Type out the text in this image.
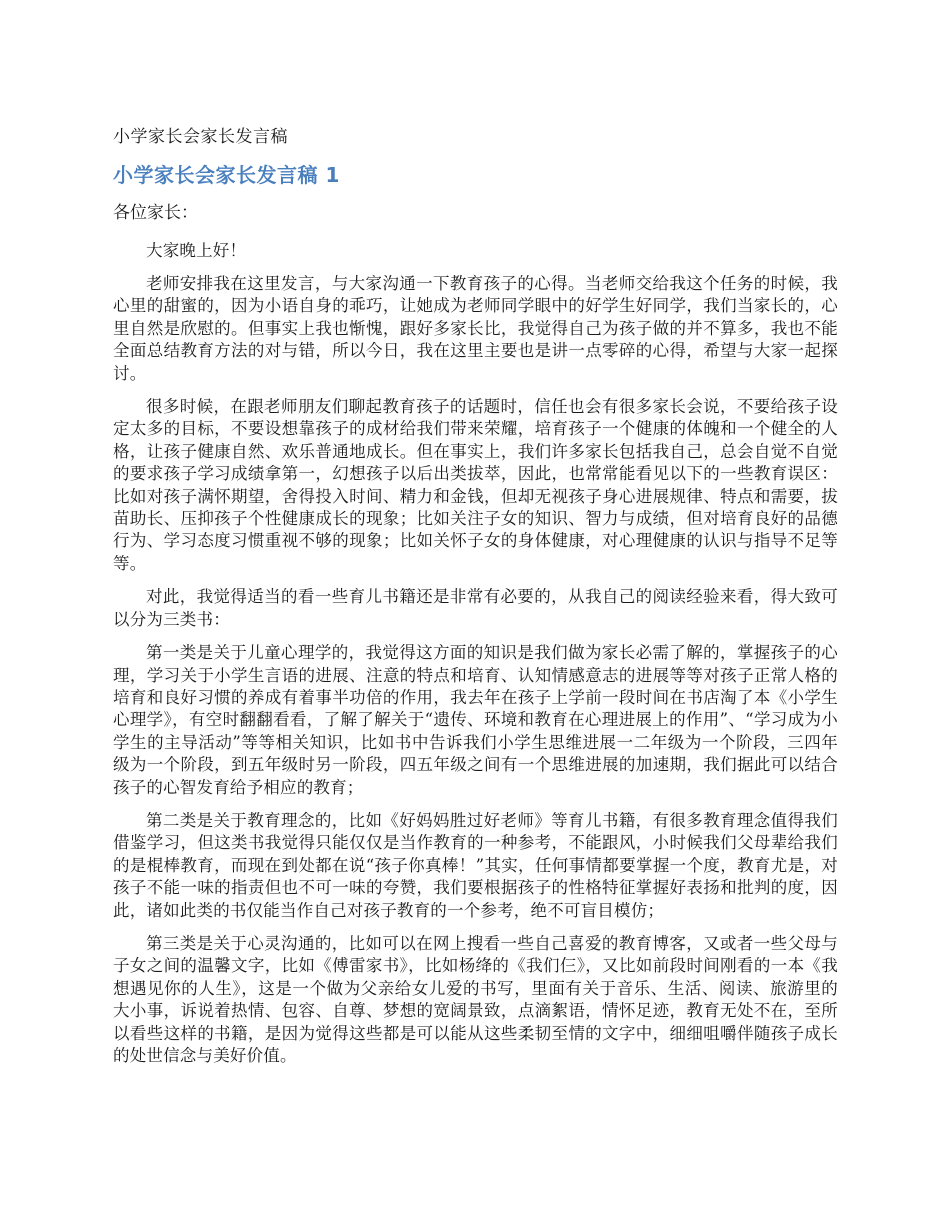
小学家长会家长发言稿
小学家长会家长发言稿 1
各位家长：

大家晚上好！

老师安排我在这里发言，与大家沟通一下教育孩子的心得。当老师交给我这个任务的时候，我心里的甜蜜的，因为小语自身的乖巧，让她成为老师同学眼中的好学生好同学，我们当家长的，心里自然是欣慰的。但事实上我也惭愧，跟好多家长比，我觉得自己为孩子做的并不算多，我也不能全面总结教育方法的对与错，所以今日，我在这里主要也是讲一点零碎的心得，希望与大家一起探讨。

很多时候，在跟老师朋友们聊起教育孩子的话题时，信任也会有很多家长会说，不要给孩子设定太多的目标，不要设想靠孩子的成材给我们带来荣耀，培育孩子一个健康的体魄和一个健全的人格，让孩子健康自然、欢乐普通地成长。但在事实上，我们许多家长包括我自己，总会自觉不自觉的要求孩子学习成绩拿第一，幻想孩子以后出类拔萃，因此，也常常能看见以下的一些教育误区：比如对孩子满怀期望，舍得投入时间、精力和金钱，但却无视孩子身心进展规律、特点和需要，拔苗助长、压抑孩子个性健康成长的现象；比如关注子女的知识、智力与成绩，但对培育良好的品德行为、学习态度习惯重视不够的现象；比如关怀子女的身体健康，对心理健康的认识与指导不足等等。

对此，我觉得适当的看一些育儿书籍还是非常有必要的，从我自己的阅读经验来看，得大致可以分为三类书：

第一类是关于儿童心理学的，我觉得这方面的知识是我们做为家长必需了解的，掌握孩子的心理，学习关于小学生言语的进展、注意的特点和培育、认知情感意志的进展等等对孩子正常人格的培育和良好习惯的养成有着事半功倍的作用，我去年在孩子上学前一段时间在书店淘了本《小学生心理学》，有空时翻翻看看，了解了解关于“遗传、环境和教育在心理进展上的作用”、“学习成为小学生的主导活动”等等相关知识，比如书中告诉我们小学生思维进展一二年级为一个阶段，三四年级为一个阶段，到五年级时另一阶段，四五年级之间有一个思维进展的加速期，我们据此可以结合孩子的心智发育给予相应的教育；

第二类是关于教育理念的，比如《好妈妈胜过好老师》等育儿书籍，有很多教育理念值得我们借鉴学习，但这类书我觉得只能仅仅是当作教育的一种参考，不能跟风，小时候我们父母辈给我们的是棍棒教育，而现在到处都在说“孩子你真棒！”其实，任何事情都要掌握一个度，教育尤是，对孩子不能一味的指责但也不可一味的夸赞，我们要根据孩子的性格特征掌握好表扬和批判的度，因此，诸如此类的书仅能当作自己对孩子教育的一个参考，绝不可盲目模仿；

第三类是关于心灵沟通的，比如可以在网上搜看一些自己喜爱的教育博客，又或者一些父母与子女之间的温馨文字，比如《傅雷家书》，比如杨绛的《我们仨》，又比如前段时间刚看的一本《我想遇见你的人生》，这是一个做为父亲给女儿爱的书写，里面有关于音乐、生活、阅读、旅游里的大小事，诉说着热情、包容、自尊、梦想的宽阔景致，点滴絮语，情怀足迹，教育无处不在，至所以看些这样的书籍，是因为觉得这些都是可以能从这些柔韧至情的文字中，细细咀嚼伴随孩子成长的处世信念与美好价值。
